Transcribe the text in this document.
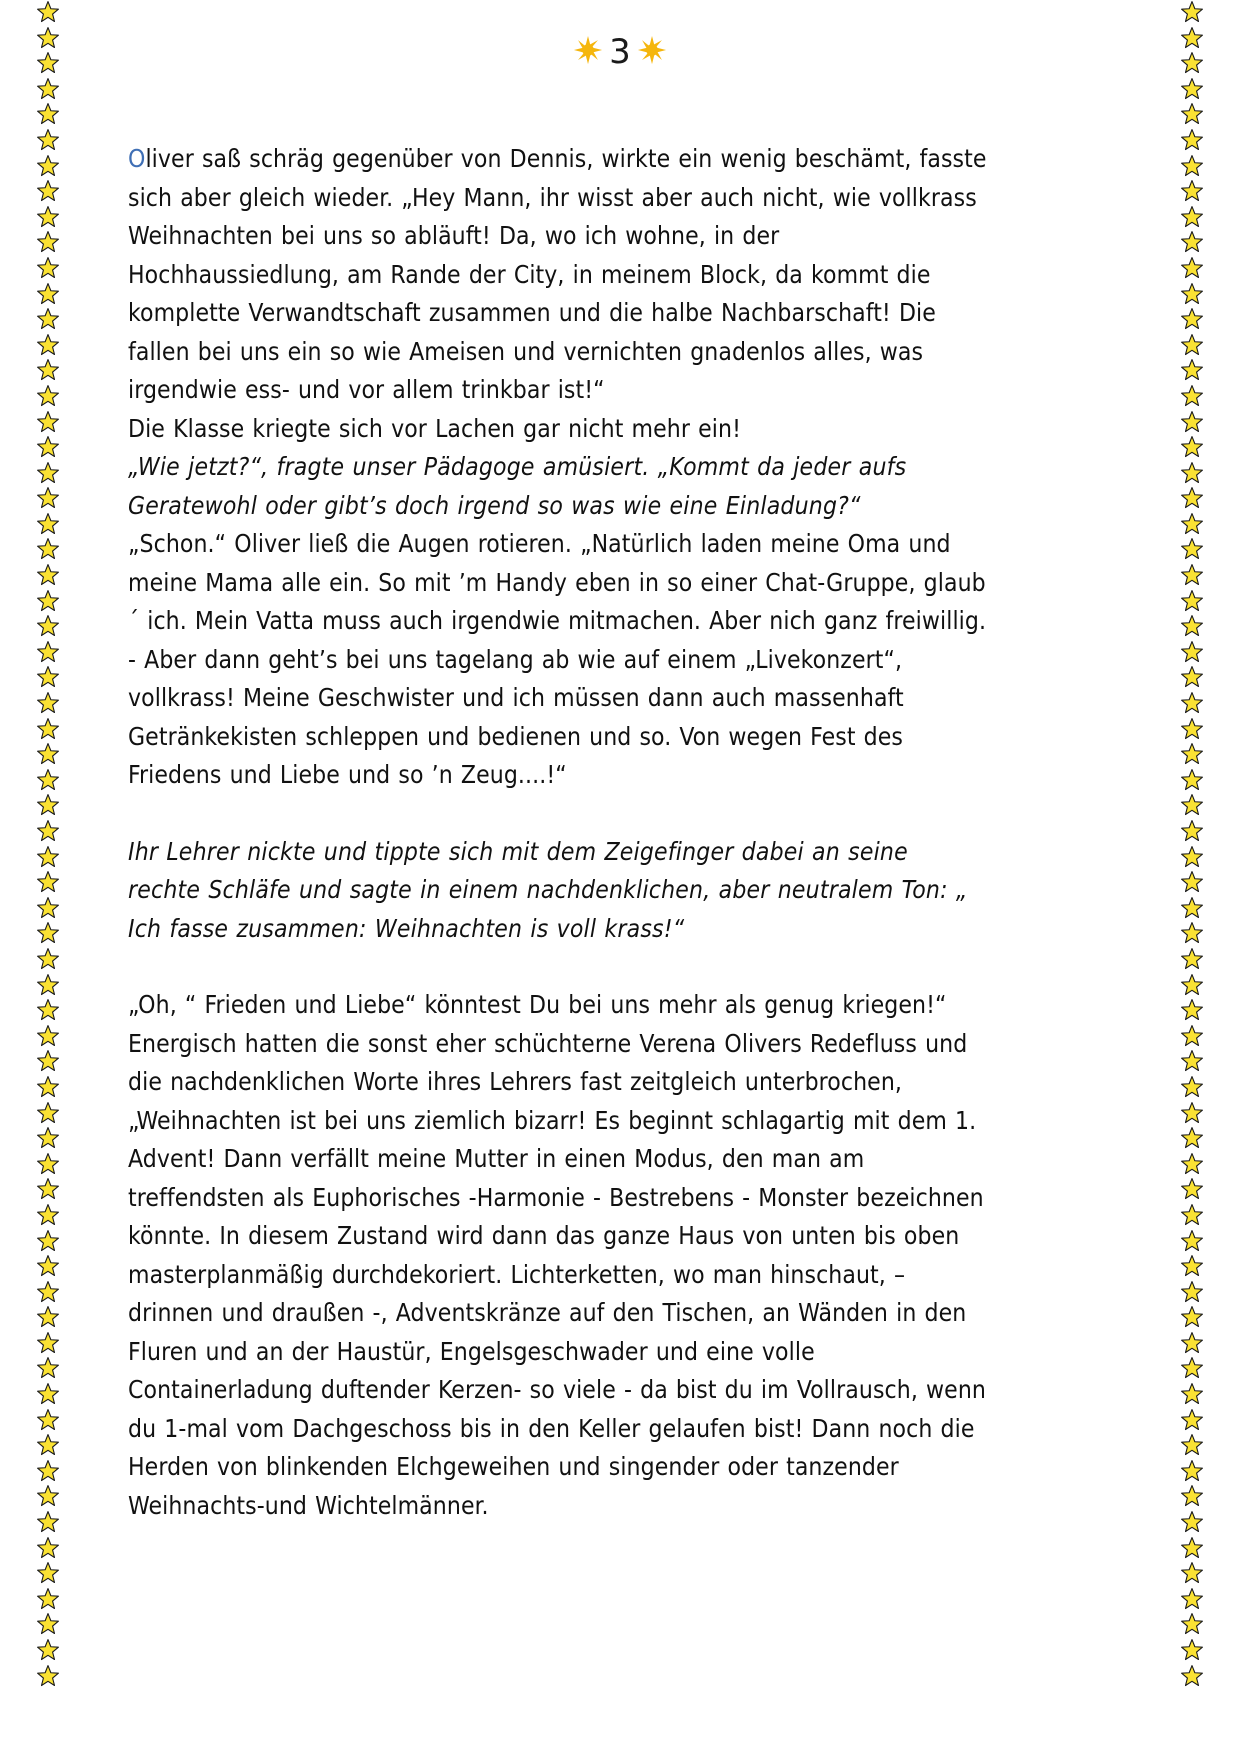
3

Oliver saß schräg gegenüber von Dennis, wirkte ein wenig beschämt, fasste sich aber gleich wieder. „Hey Mann, ihr wisst aber auch nicht, wie vollkrass Weihnachten bei uns so abläuft! Da, wo ich wohne, in der Hochhaussiedlung, am Rande der City, in meinem Block, da kommt die komplette Verwandtschaft zusammen und die halbe Nachbarschaft! Die fallen bei uns ein so wie Ameisen und vernichten gnadenlos alles, was irgendwie ess- und vor allem trinkbar ist!“

Die Klasse kriegte sich vor Lachen gar nicht mehr ein!

„Wie jetzt?“, fragte unser Pädagoge amüsiert. „Kommt da jeder aufs Geratewohl oder gibt’s doch irgend so was wie eine Einladung?“

„Schon.“ Oliver ließ die Augen rotieren. „Natürlich laden meine Oma und meine Mama alle ein. So mit ’m Handy eben in so einer Chat-Gruppe, glaub´ ich. Mein Vatta muss auch irgendwie mitmachen. Aber nich ganz freiwillig. - Aber dann geht’s bei uns tagelang ab wie auf einem „Livekonzert“, vollkrass! Meine Geschwister und ich müssen dann auch massenhaft Getränkekisten schleppen und bedienen und so. Von wegen Fest des Friedens und Liebe und so ’n Zeug....!“

Ihr Lehrer nickte und tippte sich mit dem Zeigefinger dabei an seine rechte Schläfe und sagte in einem nachdenklichen, aber neutralem Ton: „ Ich fasse zusammen: Weihnachten is voll krass!“

„Oh, “ Frieden und Liebe“ könntest Du bei uns mehr als genug kriegen!“ Energisch hatten die sonst eher schüchterne Verena Olivers Redefluss und die nachdenklichen Worte ihres Lehrers fast zeitgleich unterbrochen, „Weihnachten ist bei uns ziemlich bizarr! Es beginnt schlagartig mit dem 1. Advent! Dann verfällt meine Mutter in einen Modus, den man am treffendsten als Euphorisches -Harmonie - Bestrebens - Monster bezeichnen könnte. In diesem Zustand wird dann das ganze Haus von unten bis oben masterplanmäßig durchdekoriert. Lichterketten, wo man hinschaut, – drinnen und draußen -, Adventskränze auf den Tischen, an Wänden in den Fluren und an der Haustür, Engelsgeschwader und eine volle Containerladung duftender Kerzen- so viele - da bist du im Vollrausch, wenn du 1-mal vom Dachgeschoss bis in den Keller gelaufen bist! Dann noch die Herden von blinkenden Elchgeweihen und singender oder tanzender Weihnachts-und Wichtelmänner.
